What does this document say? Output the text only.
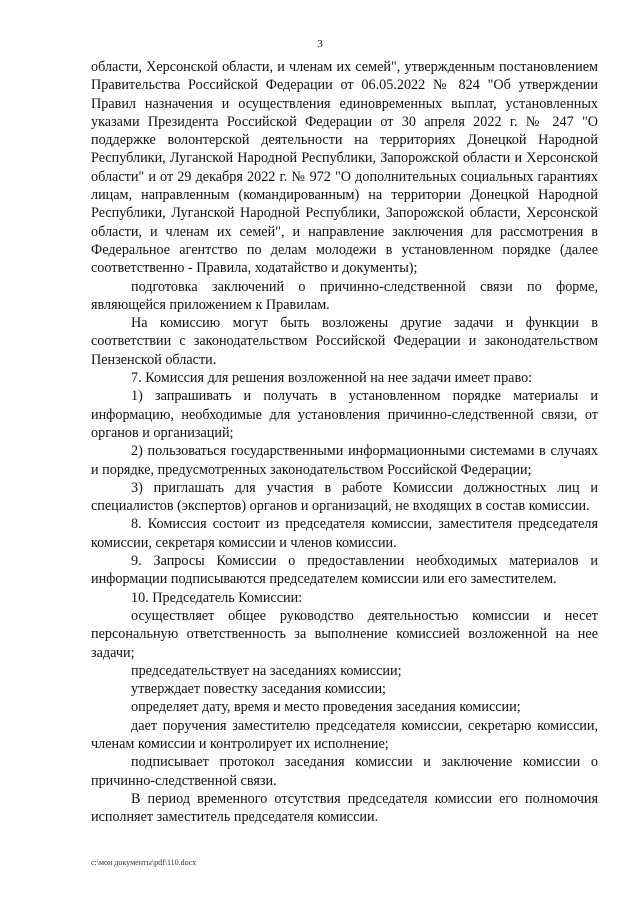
3

области, Херсонской области, и членам их семей", утвержденным постановлением Правительства Российской Федерации от 06.05.2022 № 824 "Об утверждении Правил назначения и осуществления единовременных выплат, установленных указами Президента Российской Федерации от 30 апреля 2022 г. № 247 "О поддержке волонтерской деятельности на территориях Донецкой Народной Республики, Луганской Народной Республики, Запорожской области и Херсонской области" и от 29 декабря 2022 г. № 972 "О дополнительных социальных гарантиях лицам, направленным (командированным) на территории Донецкой Народной Республики, Луганской Народной Республики, Запорожской области, Херсонской области, и членам их семей", и направление заключения для рассмотрения в Федеральное агентство по делам молодежи в установленном порядке (далее соответственно - Правила, ходатайство и документы);

подготовка заключений о причинно-следственной связи по форме, являющейся приложением к Правилам.

На комиссию могут быть возложены другие задачи и функции в соответствии с законодательством Российской Федерации и законодательством Пензенской области.

7. Комиссия для решения возложенной на нее задачи имеет право:

1) запрашивать и получать в установленном порядке материалы и информацию, необходимые для установления причинно-следственной связи, от органов и организаций;

2) пользоваться государственными информационными системами в случаях и порядке, предусмотренных законодательством Российской Федерации;

3) приглашать для участия в работе Комиссии должностных лиц и специалистов (экспертов) органов и организаций, не входящих в состав комиссии.

8. Комиссия состоит из председателя комиссии, заместителя председателя комиссии, секретаря комиссии и членов комиссии.

9. Запросы Комиссии о предоставлении необходимых материалов и информации подписываются председателем комиссии или его заместителем.

10. Председатель Комиссии:

осуществляет общее руководство деятельностью комиссии и несет персональную ответственность за выполнение комиссией возложенной на нее задачи;

председательствует на заседаниях комиссии;

утверждает повестку заседания комиссии;

определяет дату, время и место проведения заседания комиссии;

дает поручения заместителю председателя комиссии, секретарю комиссии, членам комиссии и контролирует их исполнение;

подписывает протокол заседания комиссии и заключение комиссии о причинно-следственной связи.

В период временного отсутствия председателя комиссии его полномочия исполняет заместитель председателя комиссии.

c:\мои документы\pdf\110.docx
